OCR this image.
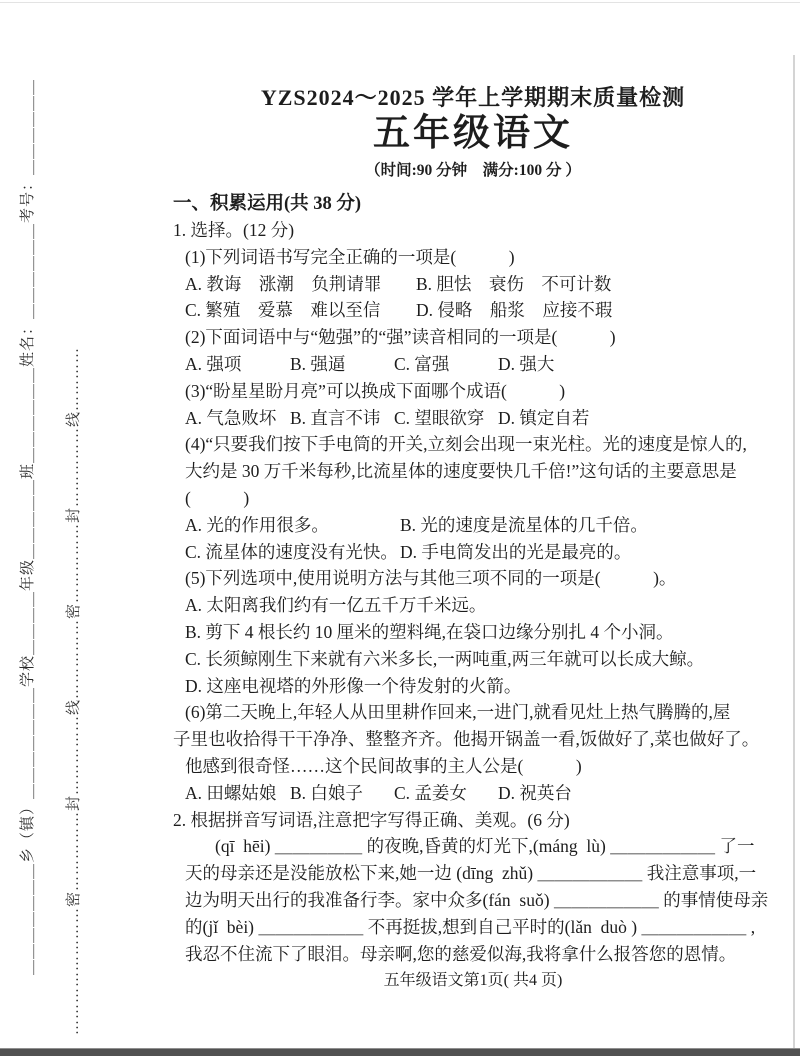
＿＿＿＿＿＿＿乡（镇）＿＿＿＿＿＿＿学校＿＿＿＿年级＿＿＿＿＿班＿＿＿＿＿＿姓名：＿＿＿＿＿＿考号：＿＿＿＿＿＿ ……………………密……………封……………线……………密……………封……………线…………
YZS2024～2025 学年上学期期末质量检测
五年级语文
（时间:90 分钟　满分:100 分 ）
一、积累运用(共 38 分)
1. 选择。(12 分)
(1)下列词语书写完全正确的一项是(　　　)
A. 教诲　涨潮　负荆请罪 B. 胆怯　衰伤　不可计数
C. 繁殖　爱慕　难以至信 D. 侵略　船浆　应接不瑕
(2)下面词语中与“勉强”的“强”读音相同的一项是(　　　)
A. 强项	B. 强逼	C. 富强	D. 强大
(3)“盼星星盼月亮”可以换成下面哪个成语(　　　)
A. 气急败坏 B. 直言不讳 C. 望眼欲穿 D. 镇定自若
(4)“只要我们按下手电筒的开关,立刻会出现一束光柱。光的速度是惊人的,
大约是 30 万千米每秒,比流星体的速度要快几千倍!”这句话的主要意思是
(　　　)
A. 光的作用很多。	B. 光的速度是流星体的几千倍。
C. 流星体的速度没有光快。 D. 手电筒发出的光是最亮的。
(5)下列选项中,使用说明方法与其他三项不同的一项是(　　　)。
A. 太阳离我们约有一亿五千万千米远。
B. 剪下 4 根长约 10 厘米的塑料绳,在袋口边缘分别扎 4 个小洞。
C. 长须鲸刚生下来就有六米多长,一两吨重,两三年就可以长成大鲸。
D. 这座电视塔的外形像一个待发射的火箭。
(6)第二天晚上,年轻人从田里耕作回来,一进门,就看见灶上热气腾腾的,屋
子里也收拾得干干净净、整整齐齐。他揭开锅盖一看,饭做好了,菜也做好了。
他感到很奇怪……这个民间故事的主人公是(　　　)
A. 田螺姑娘 B. 白娘子	C. 孟姜女	D. 祝英台
2. 根据拼音写词语,注意把字写得正确、美观。(6 分)
(qī  hēi) ＿＿＿＿＿ 的夜晚,昏黄的灯光下,(máng  lù) ＿＿＿＿＿＿ 了一
天的母亲还是没能放松下来,她一边 (dīng  zhǔ) ＿＿＿＿＿＿ 我注意事项,一
边为明天出行的我准备行李。家中众多(fán  suǒ) ＿＿＿＿＿＿ 的事情使母亲
的(jǐ  bèi) ＿＿＿＿＿＿ 不再挺拔,想到自己平时的(lǎn  duò ) ＿＿＿＿＿＿ ,
我忍不住流下了眼泪。母亲啊,您的慈爱似海,我将拿什么报答您的恩情。
五年级语文第1页( 共4 页)
